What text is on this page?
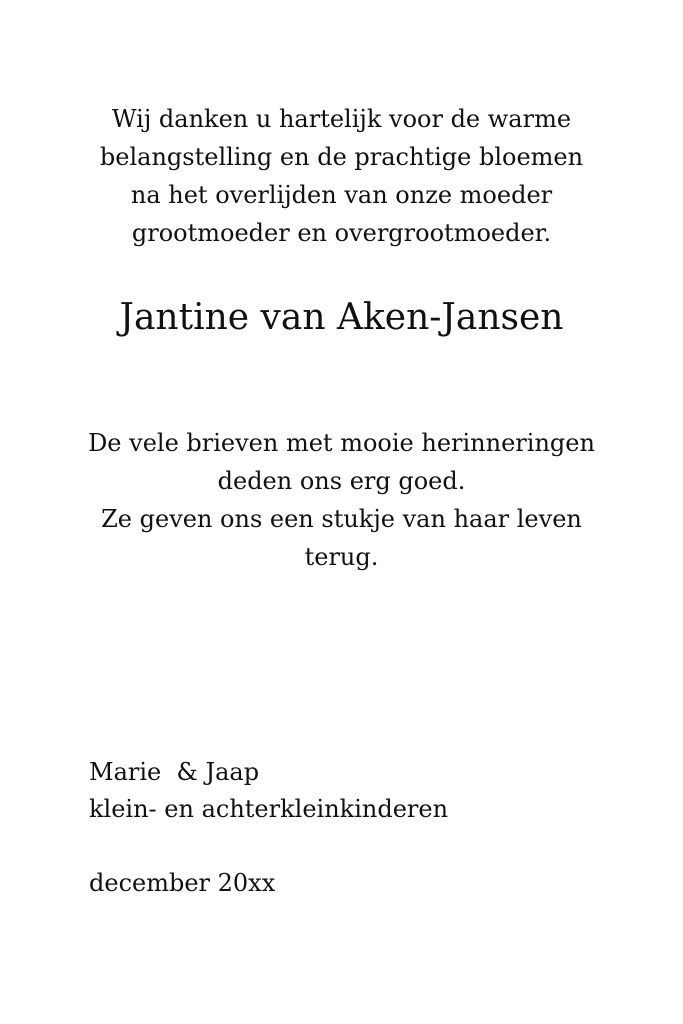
Wij danken u hartelijk voor de warme
belangstelling en de prachtige bloemen
na het overlijden van onze moeder
grootmoeder en overgrootmoeder.
Jantine van Aken-Jansen
De vele brieven met mooie herinneringen
deden ons erg goed.
Ze geven ons een stukje van haar leven
terug.
Marie  & Jaap
klein- en achterkleinkinderen
december 20xx
